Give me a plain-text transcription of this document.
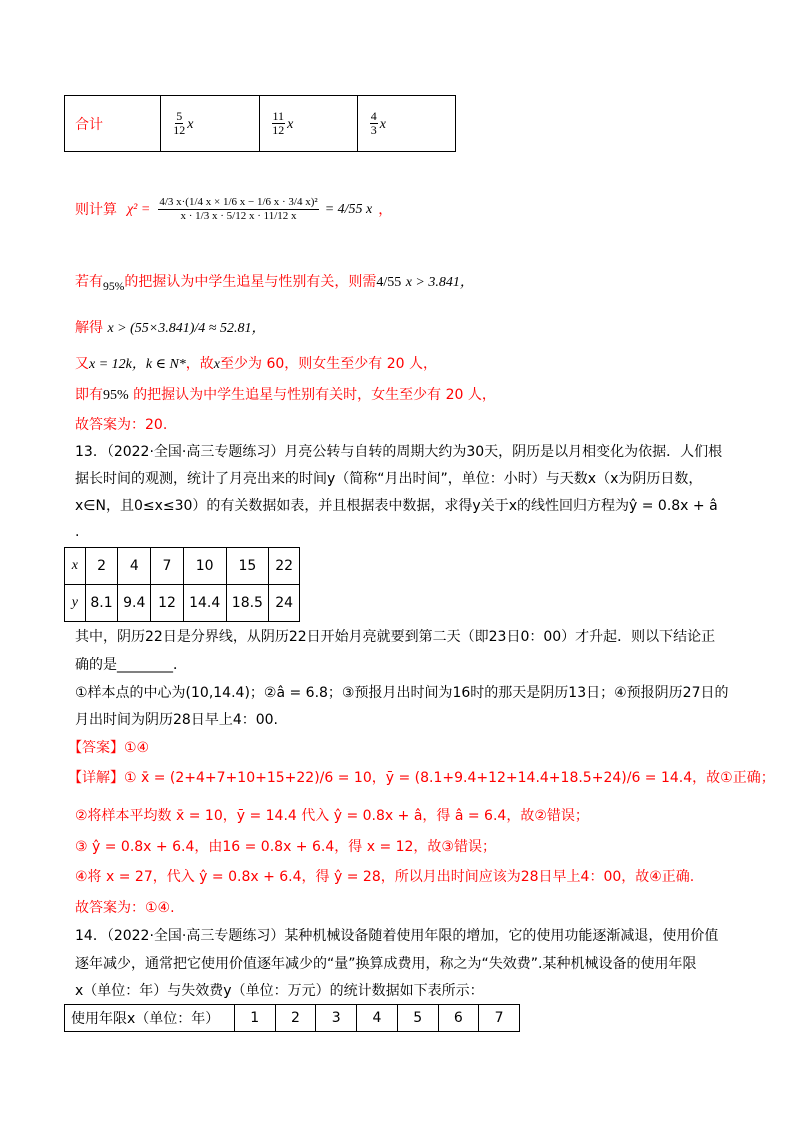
合计	$\frac{5}{12}$ x	$\frac{11}{12}$ x	$\frac{4}{3}$ x
则计算 $\chi^2 = \frac{\text{4/3 x·(1/4 x × 1/6 x − 1/6 x · 3/4 x)²}}{x \cdot 1/3 x \cdot 5/12 x \cdot 11/12 x} = 4/55$ x ，
若有$_{95\%}$的把握认为中学生追星与性别有关，则需4/55 x > 3.841，
解得 x > (55×3.841)/4 ≈ 52.81，
又x = 12k，k ∈ N*，故x至少为 60，则女生至少有 20 人，
即有95% 的把握认为中学生追星与性别有关时，女生至少有 20 人，
故答案为：20.
13．（2022·全国·高三专题练习）月亮公转与自转的周期大约为30天，阴历是以月相变化为依据．人们根
据长时间的观测，统计了月亮出来的时间y（简称“月出时间”，单位：小时）与天数x（x为阴历日数，
x∈N，且0≤x≤30）的有关数据如表，并且根据表中数据，求得y关于x的线性回归方程为ŷ = 0.8x + â
.
x	2	4	7	10	15	22
y	8.1	9.4	12	14.4	18.5	24
其中，阴历22日是分界线，从阴历22日开始月亮就要到第二天（即23日0：00）才升起．则以下结论正
确的是________．
①样本点的中心为(10,14.4)；②â = 6.8；③预报月出时间为16时的那天是阴历13日；④预报阴历27日的
月出时间为阴历28日早上4：00.
【答案】①④
【详解】① x̄ = (2+4+7+10+15+22)/6 = 10，ȳ = (8.1+9.4+12+14.4+18.5+24)/6 = 14.4，故①正确；
②将样本平均数 x̄ = 10，ȳ = 14.4 代入 ŷ = 0.8x + â，得 â = 6.4，故②错误；
③ ŷ = 0.8x + 6.4，由16 = 0.8x + 6.4，得 x = 12，故③错误；
④将 x = 27，代入 ŷ = 0.8x + 6.4，得 ŷ = 28，所以月出时间应该为28日早上4：00，故④正确.
故答案为：①④.
14．（2022·全国·高三专题练习）某种机械设备随着使用年限的增加，它的使用功能逐渐减退，使用价值
逐年减少，通常把它使用价值逐年减少的“量”换算成费用，称之为“失效费”.某种机械设备的使用年限
x（单位：年）与失效费y（单位：万元）的统计数据如下表所示：
使用年限x（单位：年）	1	2	3	4	5	6	7
